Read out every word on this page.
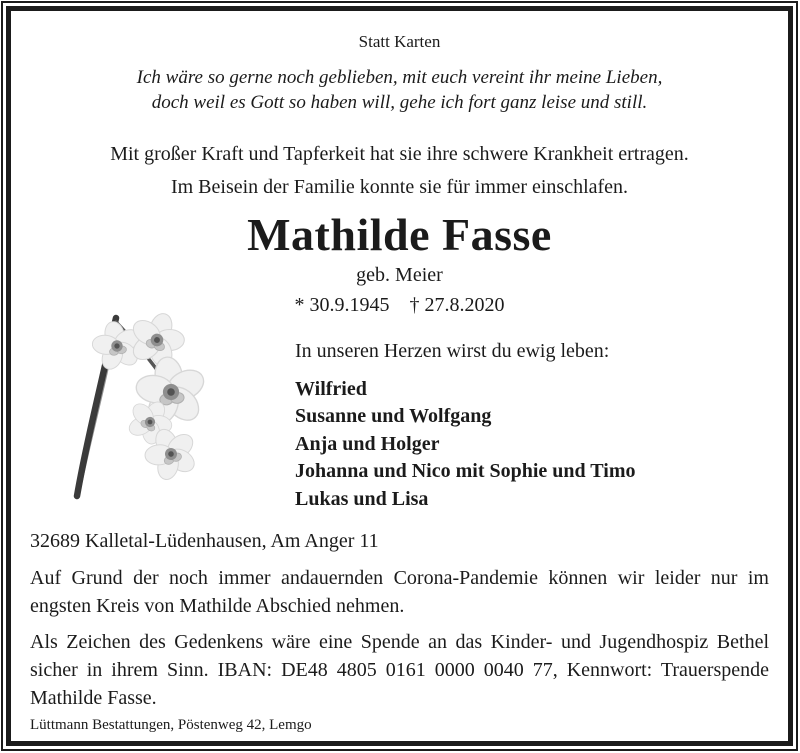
Statt Karten
Ich wäre so gerne noch geblieben, mit euch vereint ihr meine Lieben,
doch weil es Gott so haben will, gehe ich fort ganz leise und still.
Mit großer Kraft und Tapferkeit hat sie ihre schwere Krankheit ertragen.
Im Beisein der Familie konnte sie für immer einschlafen.
Mathilde Fasse
geb. Meier
* 30.9.1945 † 27.8.2020
In unseren Herzen wirst du ewig leben:
Wilfried
Susanne und Wolfgang
Anja und Holger
Johanna und Nico mit Sophie und Timo
Lukas und Lisa
32689 Kalletal-Lüdenhausen, Am Anger 11

Auf Grund der noch immer andauernden Corona-Pandemie können wir leider nur im engsten Kreis von Mathilde Abschied nehmen.

Als Zeichen des Gedenkens wäre eine Spende an das Kinder- und Jugendhospiz Bethel sicher in ihrem Sinn. IBAN: DE48 4805 0161 0000 0040 77, Kennwort: Trauerspende Mathilde Fasse.

Lüttmann Bestattungen, Pöstenweg 42, Lemgo
